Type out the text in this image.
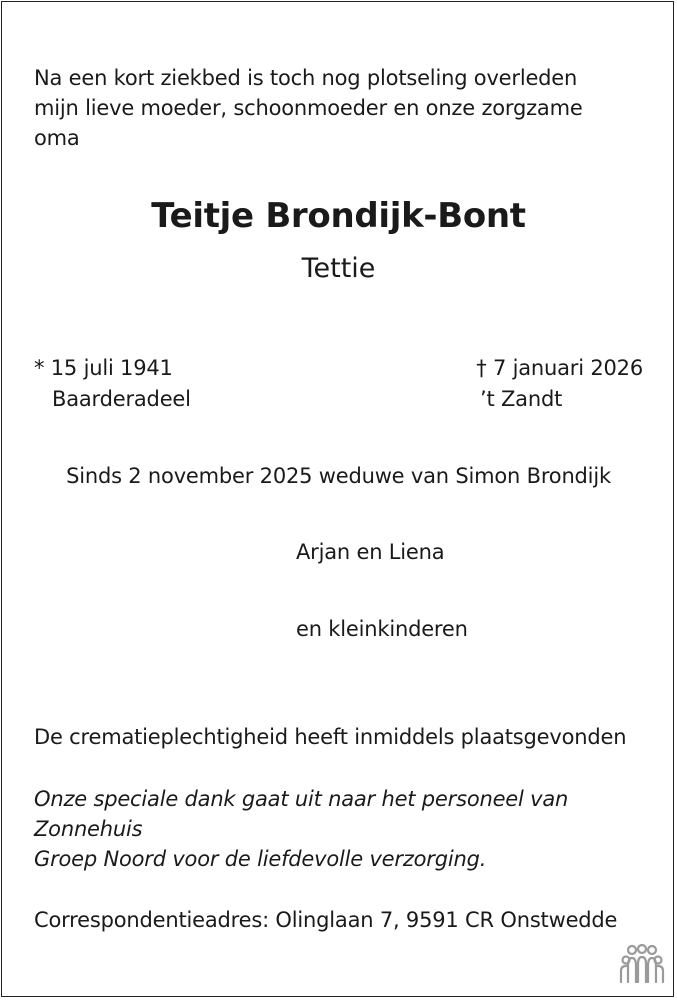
Na een kort ziekbed is toch nog plotseling overleden
mijn lieve moeder, schoonmoeder en onze zorgzame
oma
Teitje Brondijk-Bont
Tettie
* 15 juli 1941
Baarderadeel
† 7 januari 2026
’t Zandt
Sinds 2 november 2025 weduwe van Simon Brondijk
Arjan en Liena
en kleinkinderen
De crematieplechtigheid heeft inmiddels plaatsgevonden
Onze speciale dank gaat uit naar het personeel van Zonnehuis
Groep Noord voor de liefdevolle verzorging.
Correspondentieadres: Olinglaan 7, 9591 CR Onstwedde
